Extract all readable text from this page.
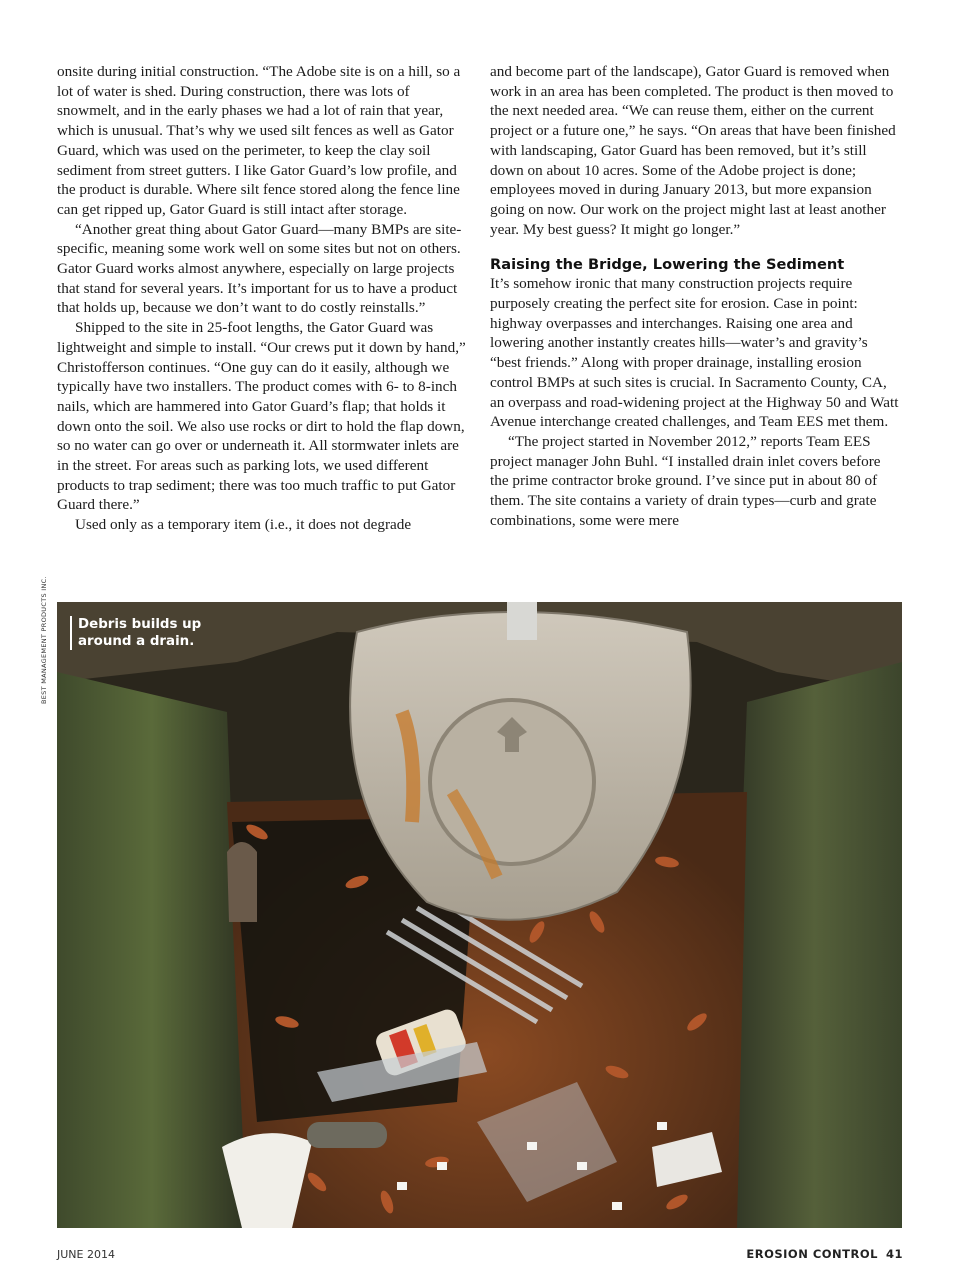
onsite during initial construction. “The Adobe site is on a hill, so a lot of water is shed. During construction, there was lots of snowmelt, and in the early phases we had a lot of rain that year, which is unusual. That’s why we used silt fences as well as Gator Guard, which was used on the perimeter, to keep the clay soil sediment from street gutters. I like Gator Guard’s low profile, and the product is durable. Where silt fence stored along the fence line can get ripped up, Gator Guard is still intact after storage.

“Another great thing about Gator Guard—many BMPs are site-specific, meaning some work well on some sites but not on others. Gator Guard works almost anywhere, especially on large projects that stand for several years. It’s important for us to have a product that holds up, because we don’t want to do costly reinstalls.”

Shipped to the site in 25-foot lengths, the Gator Guard was lightweight and simple to install. “Our crews put it down by hand,” Christofferson continues. “One guy can do it easily, although we typically have two installers. The product comes with 6- to 8-inch nails, which are hammered into Gator Guard’s flap; that holds it down onto the soil. We also use rocks or dirt to hold the flap down, so no water can go over or underneath it. All stormwater inlets are in the street. For areas such as parking lots, we used different products to trap sediment; there was too much traffic to put Gator Guard there.”

Used only as a temporary item (i.e., it does not degrade

and become part of the landscape), Gator Guard is removed when work in an area has been completed. The product is then moved to the next needed area. “We can reuse them, either on the current project or a future one,” he says. “On areas that have been finished with landscaping, Gator Guard has been removed, but it’s still down on about 10 acres. Some of the Adobe project is done; employees moved in during January 2013, but more expansion going on now. Our work on the project might last at least another year. My best guess? It might go longer.”

Raising the Bridge, Lowering the Sediment

It’s somehow ironic that many construction projects require purposely creating the perfect site for erosion. Case in point: highway overpasses and interchanges. Raising one area and lowering another instantly creates hills—water’s and gravity’s “best friends.” Along with proper drainage, installing erosion control BMPs at such sites is crucial. In Sacramento County, CA, an overpass and road-widening project at the Highway 50 and Watt Avenue interchange created challenges, and Team EES met them.

“The project started in November 2012,” reports Team EES project manager John Buhl. “I installed drain inlet covers before the prime contractor broke ground. I’ve since put in about 80 of them. The site contains a variety of drain types—curb and grate combinations, some were mere

BEST MANAGEMENT PRODUCTS INC.	Debris builds up around a drain.
JUNE 2014	EROSION CONTROL 41
